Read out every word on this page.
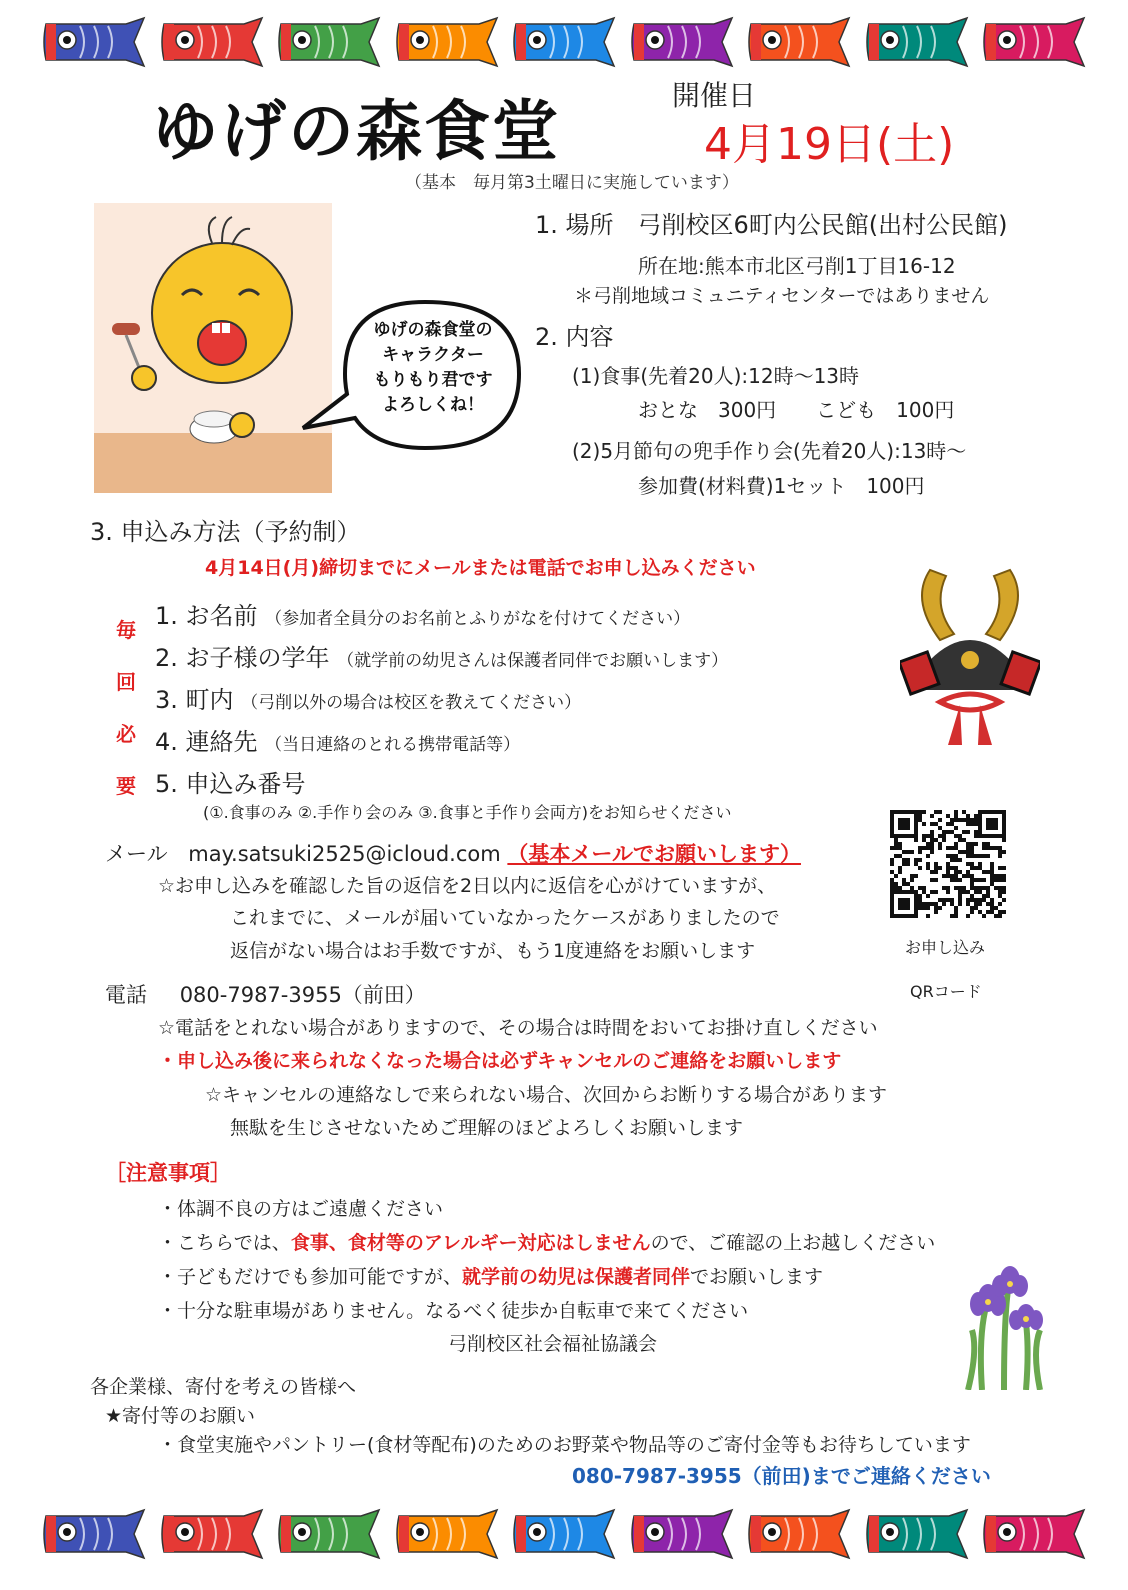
ゆげの森食堂	開催日
4月19日(土)
（基本　毎月第3土曜日に実施しています）
ゆげの森食堂の
キャラクター
もりもり君です
よろしくね！
1. 場所　弓削校区6町内公民館(出村公民館)
所在地:熊本市北区弓削1丁目16-12
＊弓削地域コミュニティセンターではありません
2. 内容
(1)食事(先着20人):12時～13時
おとな　300円　　こども　100円
(2)5月節句の兜手作り会(先着20人):13時～
参加費(材料費)1セット　100円
3. 申込み方法（予約制）
4月14日(月)締切までにメールまたは電話でお申し込みください
毎
回
必
要
1. お名前 （参加者全員分のお名前とふりがなを付けてください）
2. お子様の学年 （就学前の幼児さんは保護者同伴でお願いします）
3. 町内 （弓削以外の場合は校区を教えてください）
4. 連絡先 （当日連絡のとれる携帯電話等）
5. 申込み番号
(①.食事のみ ②.手作り会のみ ③.食事と手作り会両方)をお知らせください
お申し込み
QRコード
メール may.satsuki2525@icloud.com （基本メールでお願いします）
☆お申し込みを確認した旨の返信を2日以内に返信を心がけていますが、
これまでに、メールが届いていなかったケースがありましたので
返信がない場合はお手数ですが、もう1度連絡をお願いします
電話 080-7987-3955（前田）
☆電話をとれない場合がありますので、その場合は時間をおいてお掛け直しください
・申し込み後に来られなくなった場合は必ずキャンセルのご連絡をお願いします
☆キャンセルの連絡なしで来られない場合、次回からお断りする場合があります
無駄を生じさせないためご理解のほどよろしくお願いします
［注意事項］
・体調不良の方はご遠慮ください
・こちらでは、食事、食材等のアレルギー対応はしませんので、ご確認の上お越しください
・子どもだけでも参加可能ですが、就学前の幼児は保護者同伴でお願いします
・十分な駐車場がありません。なるべく徒歩か自転車で来てください
弓削校区社会福祉協議会
各企業様、寄付を考えの皆様へ
★寄付等のお願い
・食堂実施やパントリー(食材等配布)のためのお野菜や物品等のご寄付金等もお待ちしています
080-7987-3955（前田)までご連絡ください
